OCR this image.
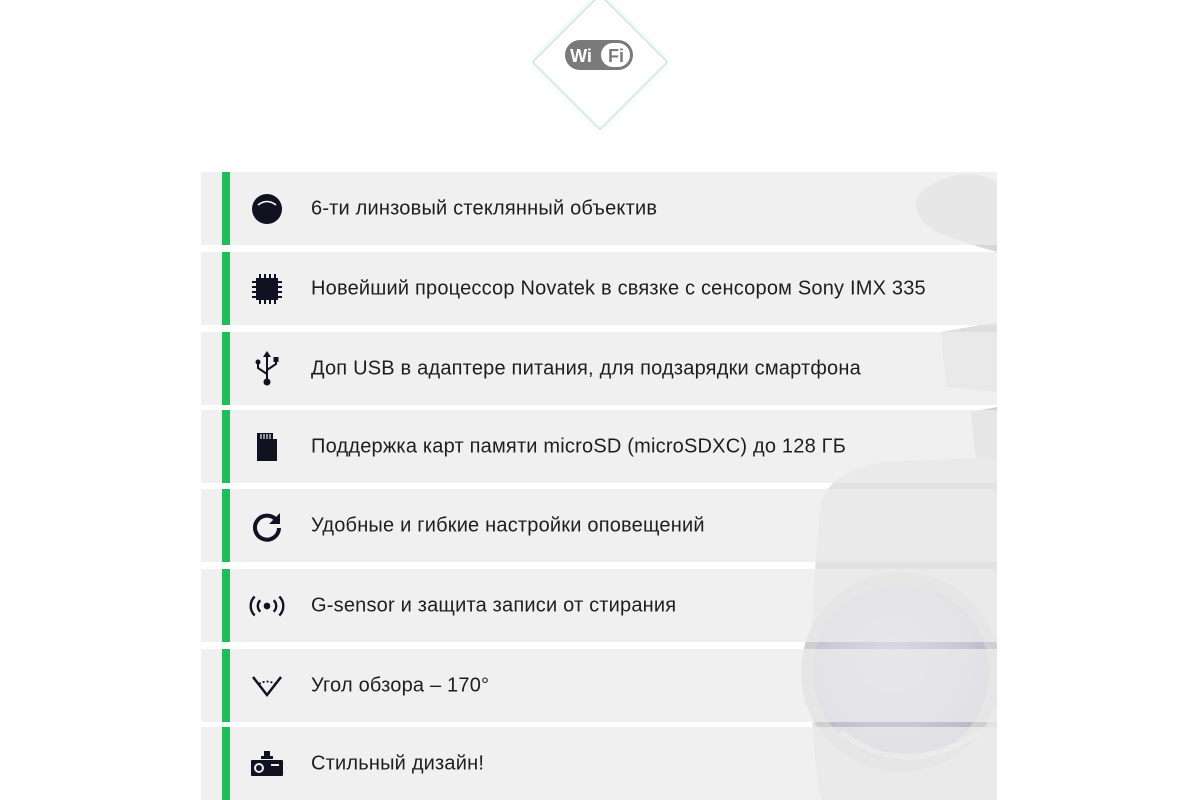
Wi Fi
6-ти линзовый стеклянный объектив
Новейший процессор Novatek в связке с сенсором Sony IMX 335
Доп USB в адаптере питания, для подзарядки смартфона
Поддержка карт памяти microSD (microSDXC) до 128 ГБ
Удобные и гибкие настройки оповещений
G-sensor и защита записи от стирания
Угол обзора – 170°
Стильный дизайн!
